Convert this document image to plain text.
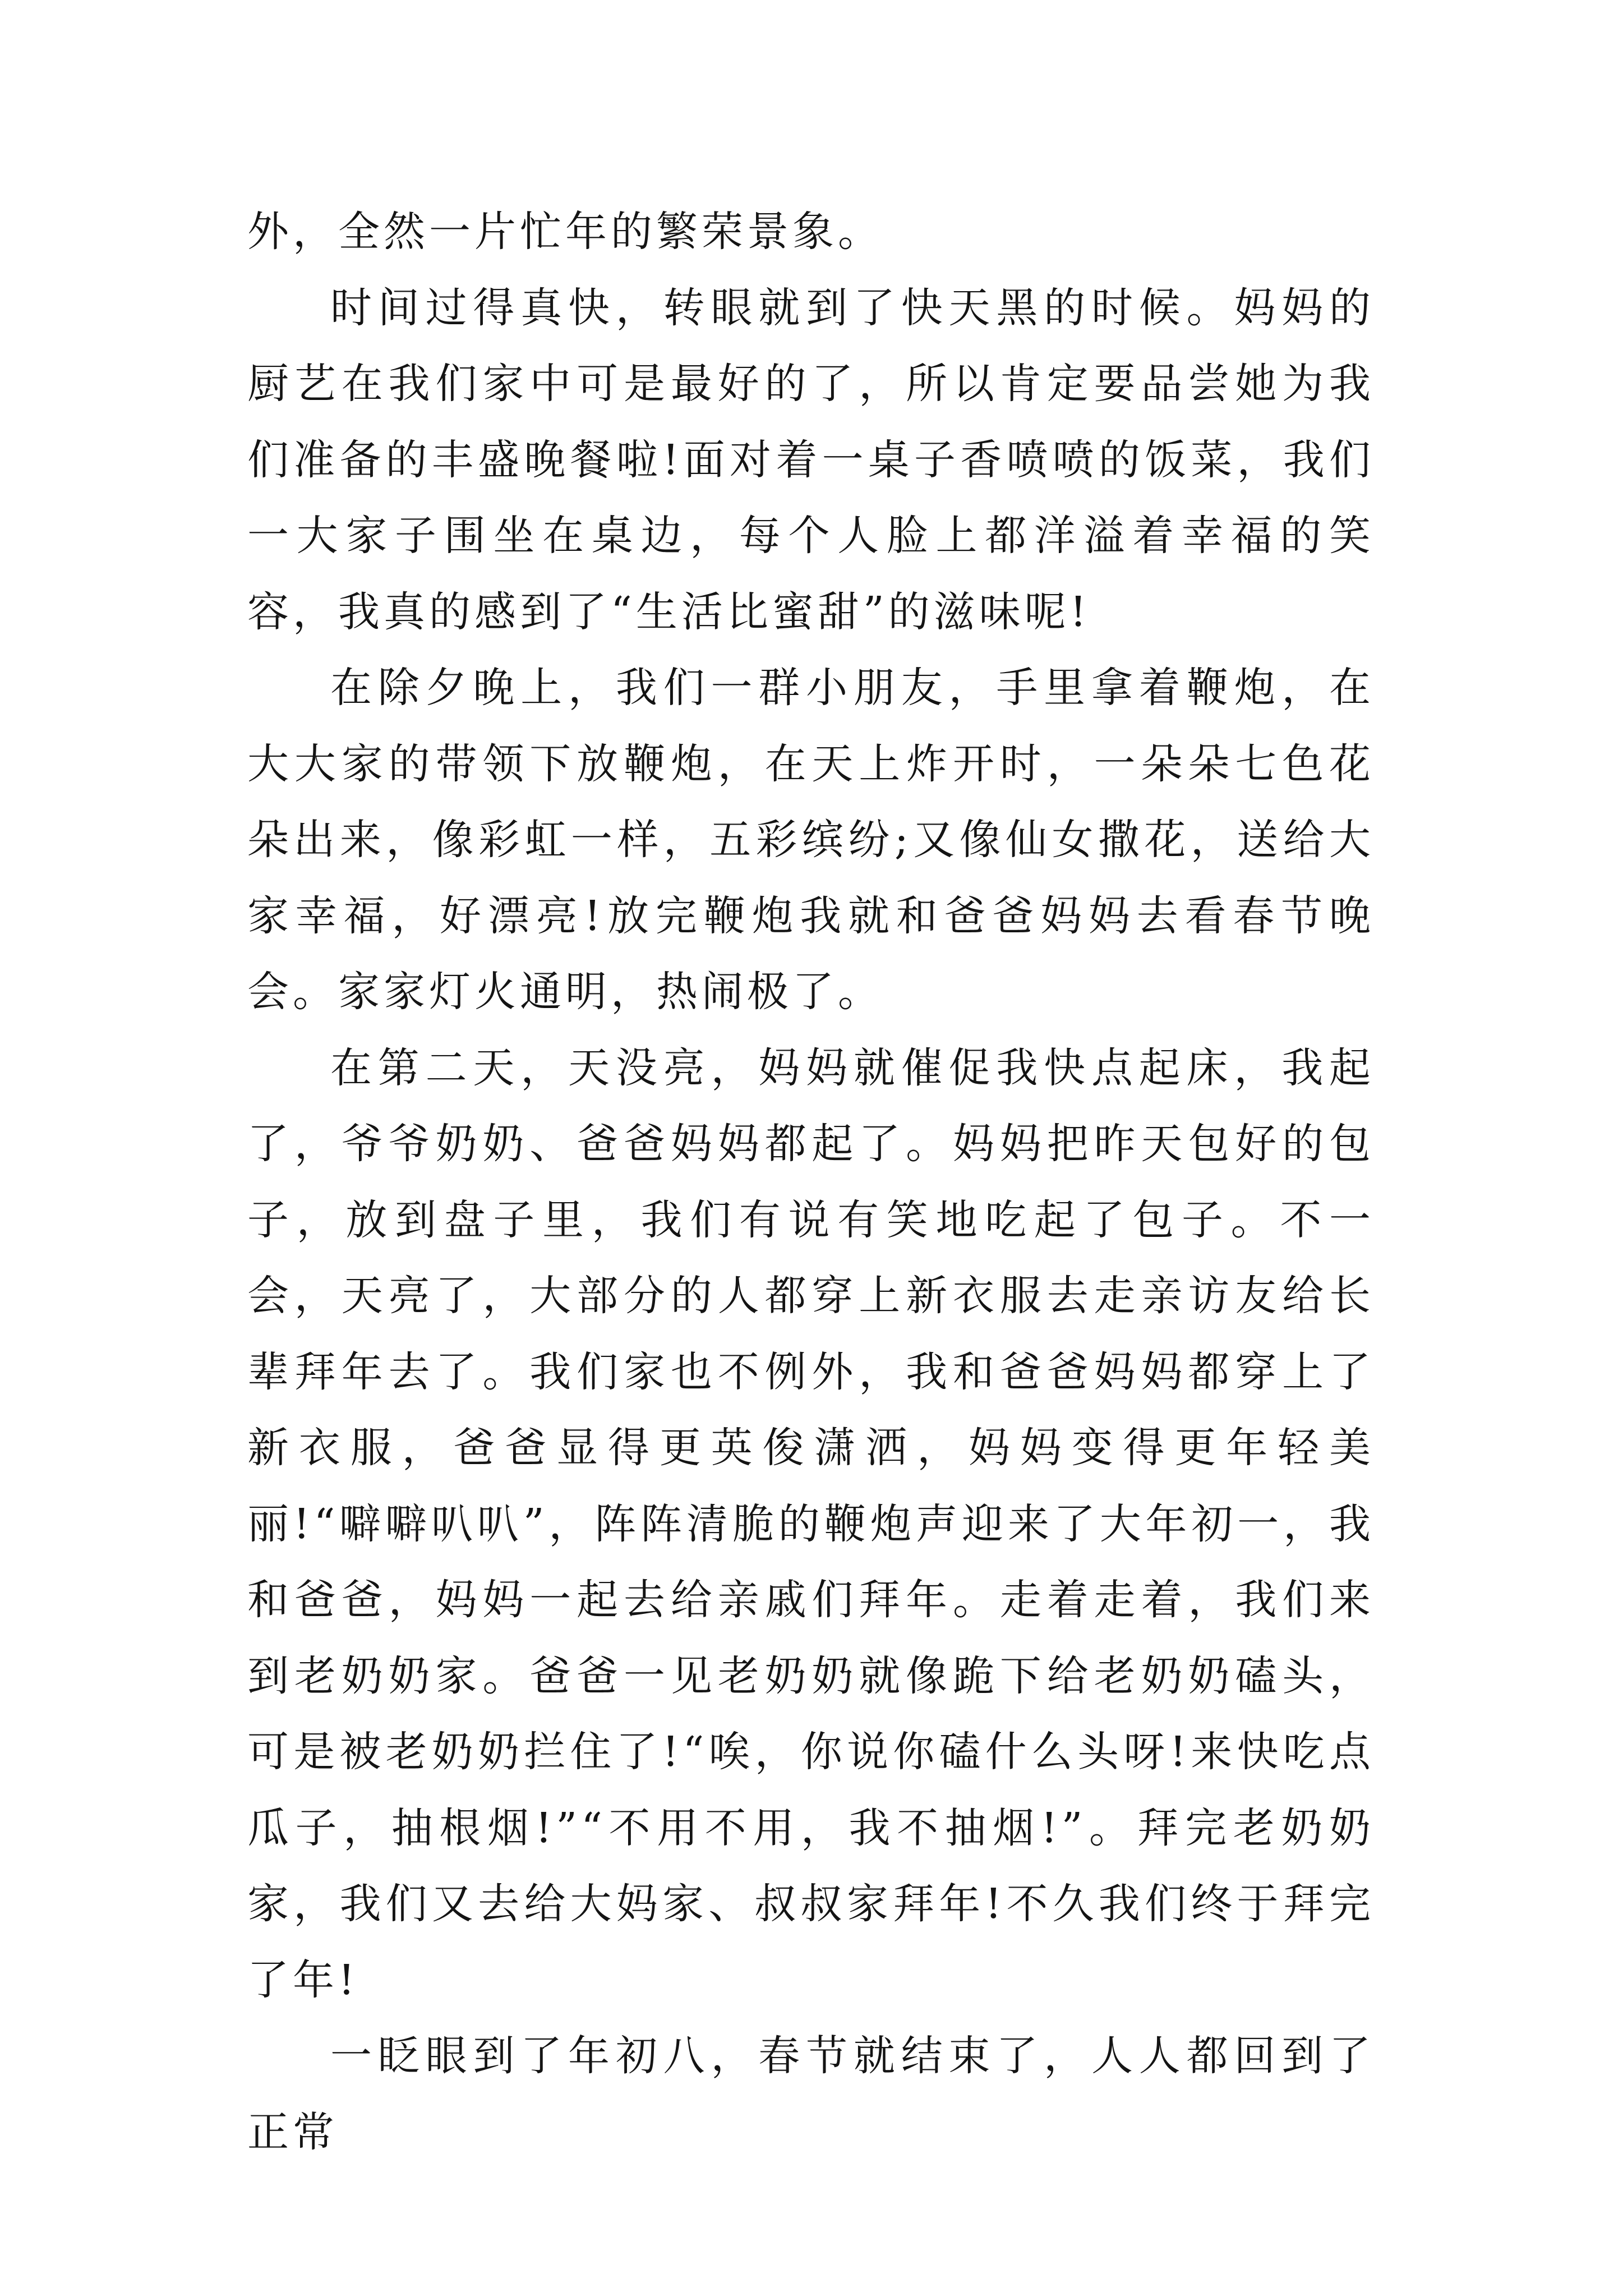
外，全然一片忙年的繁荣景象。

时间过得真快，转眼就到了快天黑的时候。妈妈的厨艺在我们家中可是最好的了，所以肯定要品尝她为我们准备的丰盛晚餐啦!面对着一桌子香喷喷的饭菜，我们一大家子围坐在桌边，每个人脸上都洋溢着幸福的笑容，我真的感到了“生活比蜜甜”的滋味呢!

在除夕晚上，我们一群小朋友，手里拿着鞭炮，在大大家的带领下放鞭炮，在天上炸开时，一朵朵七色花朵出来，像彩虹一样，五彩缤纷;又像仙女撒花，送给大家幸福，好漂亮!放完鞭炮我就和爸爸妈妈去看春节晚会。家家灯火通明，热闹极了。

在第二天，天没亮，妈妈就催促我快点起床，我起了，爷爷奶奶、爸爸妈妈都起了。妈妈把昨天包好的包子，放到盘子里，我们有说有笑地吃起了包子。不一会，天亮了，大部分的人都穿上新衣服去走亲访友给长辈拜年去了。我们家也不例外，我和爸爸妈妈都穿上了新衣服，爸爸显得更英俊潇洒，妈妈变得更年轻美丽!“噼噼叭叭”，阵阵清脆的鞭炮声迎来了大年初一，我和爸爸，妈妈一起去给亲戚们拜年。走着走着，我们来到老奶奶家。爸爸一见老奶奶就像跪下给老奶奶磕头，可是被老奶奶拦住了!“唉，你说你磕什么头呀!来快吃点瓜子，抽根烟!”“不用不用，我不抽烟!”。拜完老奶奶家，我们又去给大妈家、叔叔家拜年!不久我们终于拜完了年!

一眨眼到了年初八，春节就结束了，人人都回到了正常
